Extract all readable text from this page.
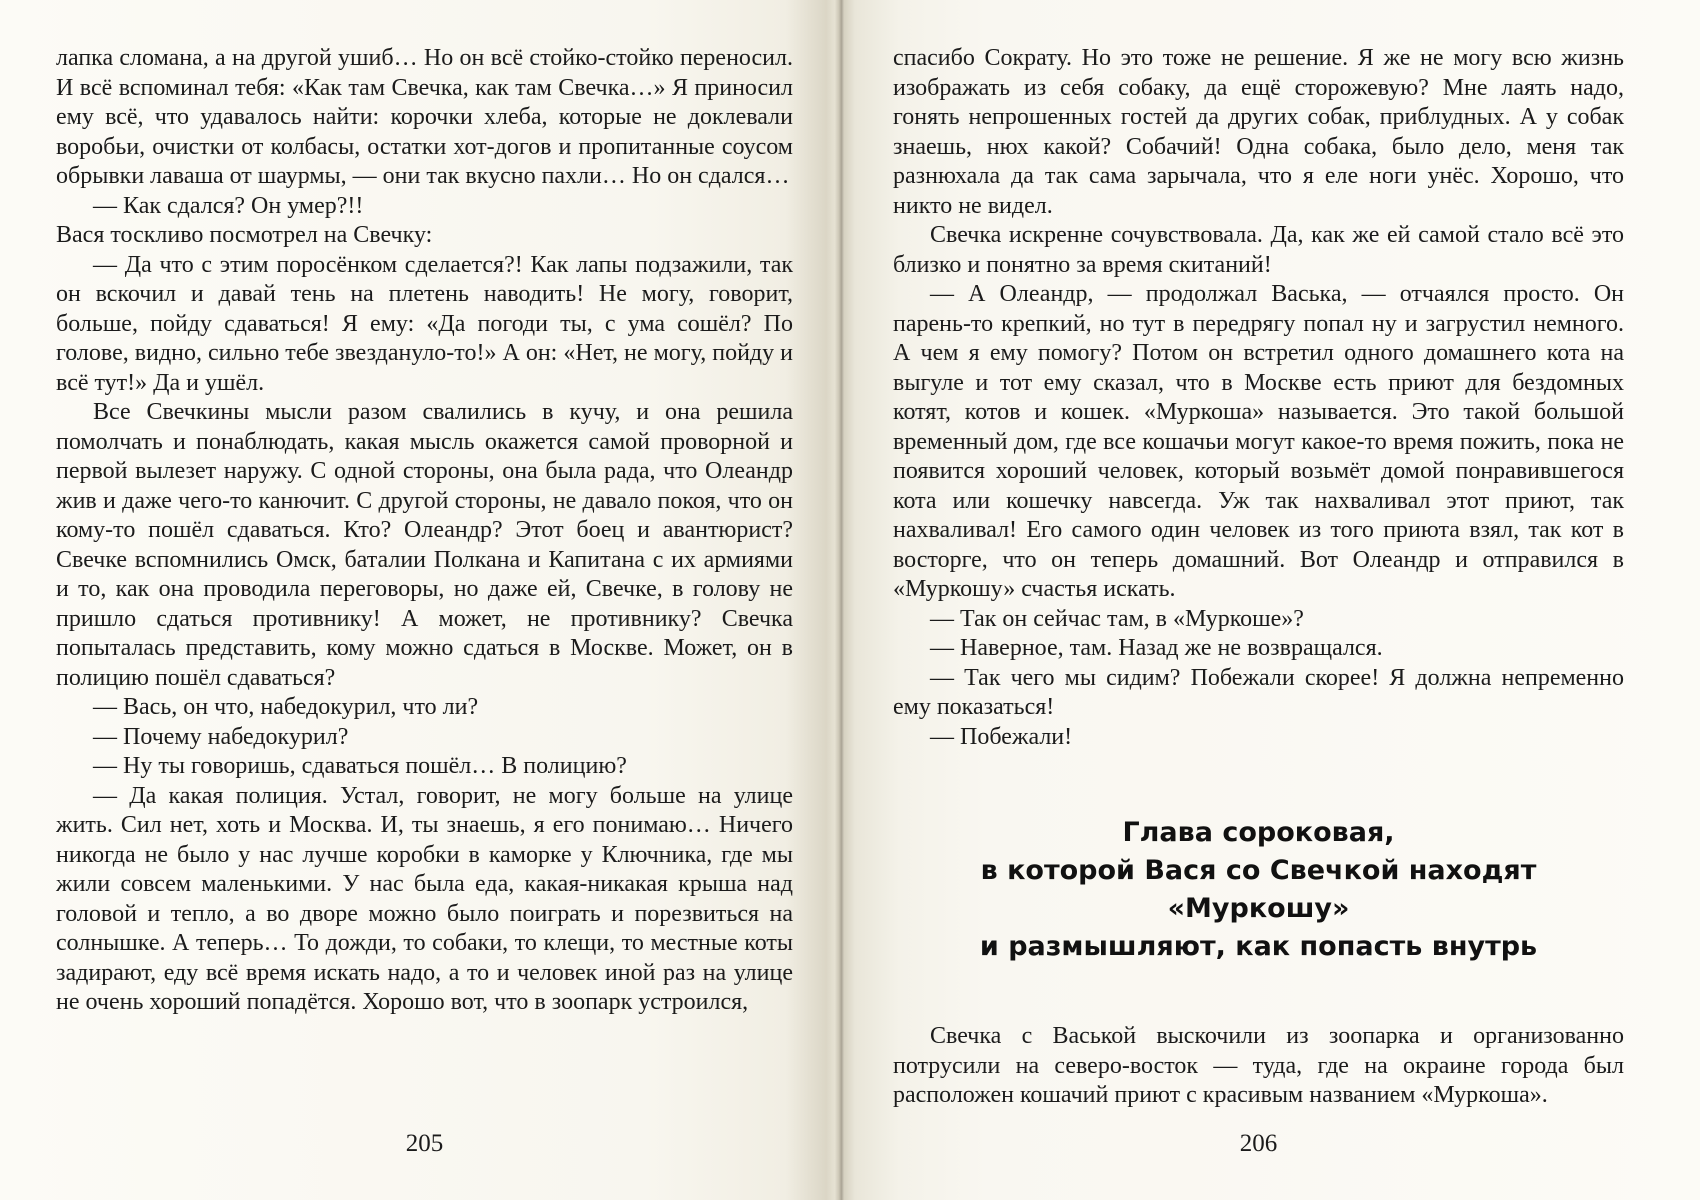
лапка сломана, а на другой ушиб… Но он всё стойко-стойко переносил. И всё вспоминал тебя: «Как там Свечка, как там Свечка…» Я приносил ему всё, что удавалось найти: корочки хлеба, которые не доклевали воробьи, очистки от колбасы, остатки хот-догов и пропитанные соусом обрывки лаваша от шаурмы, — они так вкусно пахли… Но он сдался…

— Как сдался? Он умер?!!

Вася тоскливо посмотрел на Свечку:

— Да что с этим поросёнком сделается?! Как лапы подзажили, так он вскочил и давай тень на плетень наводить! Не могу, говорит, больше, пойду сдаваться! Я ему: «Да погоди ты, с ума сошёл? По голове, видно, сильно тебе звездануло-то!» А он: «Нет, не могу, пойду и всё тут!» Да и ушёл.

Все Свечкины мысли разом свалились в кучу, и она решила помолчать и понаблюдать, какая мысль окажется самой проворной и первой вылезет наружу. С одной стороны, она была рада, что Олеандр жив и даже чего-то канючит. С другой стороны, не давало покоя, что он кому-то пошёл сдаваться. Кто? Олеандр? Этот боец и авантюрист? Свечке вспомнились Омск, баталии Полкана и Капитана с их армиями и то, как она проводила переговоры, но даже ей, Свечке, в голову не пришло сдаться противнику! А может, не противнику? Свечка попыталась представить, кому можно сдаться в Москве. Может, он в полицию пошёл сдаваться?

— Вась, он что, набедокурил, что ли?

— Почему набедокурил?

— Ну ты говоришь, сдаваться пошёл… В полицию?

— Да какая полиция. Устал, говорит, не могу больше на улице жить. Сил нет, хоть и Москва. И, ты знаешь, я его понимаю… Ничего никогда не было у нас лучше коробки в каморке у Ключника, где мы жили совсем маленькими. У нас была еда, какая-никакая крыша над головой и тепло, а во дворе можно было поиграть и порезвиться на солнышке. А теперь… То дожди, то собаки, то клещи, то местные коты задирают, еду всё время искать надо, а то и человек иной раз на улице не очень хороший попадётся. Хорошо вот, что в зоопарк устроился,

205

спасибо Сократу. Но это тоже не решение. Я же не могу всю жизнь изображать из себя собаку, да ещё сторожевую? Мне лаять надо, гонять непрошенных гостей да других собак, приблудных. А у собак знаешь, нюх какой? Собачий! Одна собака, было дело, меня так разнюхала да так сама зарычала, что я еле ноги унёс. Хорошо, что никто не видел.

Свечка искренне сочувствовала. Да, как же ей самой стало всё это близко и понятно за время скитаний!

— А Олеандр, — продолжал Васька, — отчаялся просто. Он парень-то крепкий, но тут в передрягу попал ну и загрустил немного. А чем я ему помогу? Потом он встретил одного домашнего кота на выгуле и тот ему сказал, что в Москве есть приют для бездомных котят, котов и кошек. «Муркоша» называется. Это такой большой временный дом, где все кошачьи могут какое-то время пожить, пока не появится хороший человек, который возьмёт домой понравившегося кота или кошечку навсегда. Уж так нахваливал этот приют, так нахваливал! Его самого один человек из того приюта взял, так кот в восторге, что он теперь домашний. Вот Олеандр и отправился в «Муркошу» счастья искать.

— Так он сейчас там, в «Муркоше»?

— Наверное, там. Назад же не возвращался.

— Так чего мы сидим? Побежали скорее! Я должна непременно ему показаться!

— Побежали!

Глава сороковая,
в которой Вася со Свечкой находят «Муркошу»
и размышляют, как попасть внутрь

Свечка с Васькой выскочили из зоопарка и организованно потрусили на северо-восток — туда, где на окраине города был расположен кошачий приют с красивым названием «Муркоша».

206
